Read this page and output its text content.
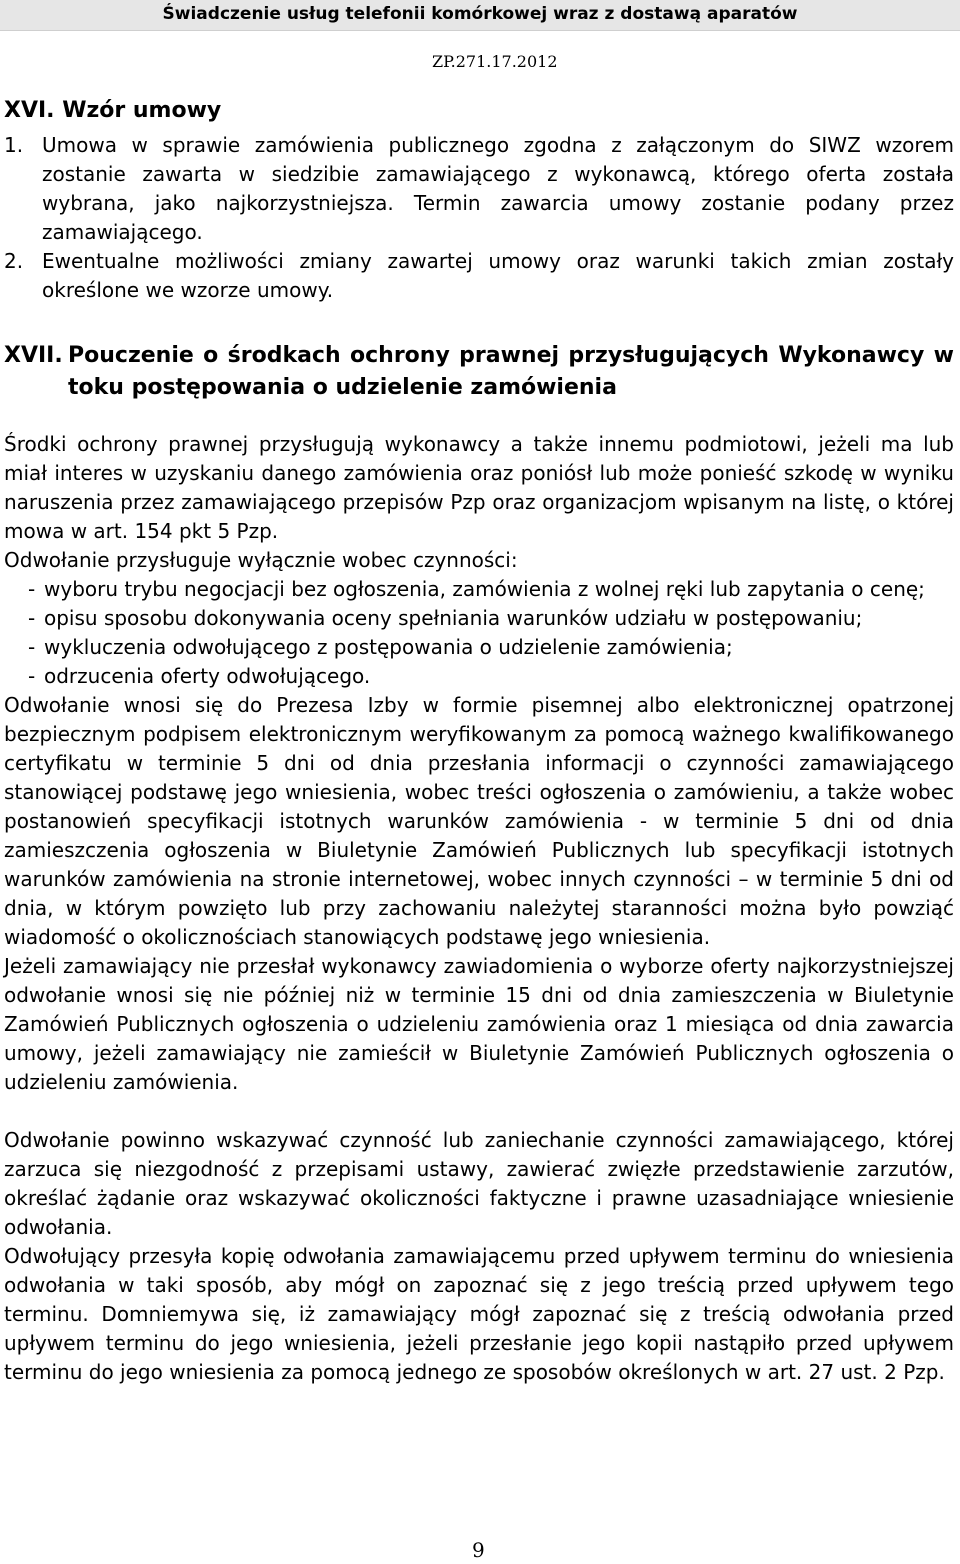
Świadczenie usług telefonii komórkowej wraz z dostawą aparatów
ZP.271.17.2012
XVI. Wzór umowy
1. Umowa w sprawie zamówienia publicznego zgodna z załączonym do SIWZ wzorem zostanie zawarta w siedzibie zamawiającego z wykonawcą, którego oferta została wybrana, jako najkorzystniejsza. Termin zawarcia umowy zostanie podany przez zamawiającego.
2. Ewentualne możliwości zmiany zawartej umowy oraz warunki takich zmian zostały określone we wzorze umowy.
XVII. Pouczenie o środkach ochrony prawnej przysługujących Wykonawcy w toku postępowania o udzielenie zamówienia

Środki ochrony prawnej przysługują wykonawcy a także innemu podmiotowi, jeżeli ma lub miał interes w uzyskaniu danego zamówienia oraz poniósł lub może ponieść szkodę w wyniku naruszenia przez zamawiającego przepisów Pzp oraz organizacjom wpisanym na listę, o której mowa w art. 154 pkt 5 Pzp.

Odwołanie przysługuje wyłącznie wobec czynności:

- wyboru trybu negocjacji bez ogłoszenia, zamówienia z wolnej ręki lub zapytania o cenę;
- opisu sposobu dokonywania oceny spełniania warunków udziału w postępowaniu;
- wykluczenia odwołującego z postępowania o udzielenie zamówienia;
- odrzucenia oferty odwołującego.

Odwołanie wnosi się do Prezesa Izby w formie pisemnej albo elektronicznej opatrzonej bezpiecznym podpisem elektronicznym weryfikowanym za pomocą ważnego kwalifikowanego certyfikatu w terminie 5 dni od dnia przesłania informacji o czynności zamawiającego stanowiącej podstawę jego wniesienia, wobec treści ogłoszenia o zamówieniu, a także wobec postanowień specyfikacji istotnych warunków zamówienia - w terminie 5 dni od dnia zamieszczenia ogłoszenia w Biuletynie Zamówień Publicznych lub specyfikacji istotnych warunków zamówienia na stronie internetowej, wobec innych czynności – w terminie 5 dni od dnia, w którym powzięto lub przy zachowaniu należytej staranności można było powziąć wiadomość o okolicznościach stanowiących podstawę jego wniesienia.

Jeżeli zamawiający nie przesłał wykonawcy zawiadomienia o wyborze oferty najkorzystniejszej odwołanie wnosi się nie później niż w terminie 15 dni od dnia zamieszczenia w Biuletynie Zamówień Publicznych ogłoszenia o udzieleniu zamówienia oraz 1 miesiąca od dnia zawarcia umowy, jeżeli zamawiający nie zamieścił w Biuletynie Zamówień Publicznych ogłoszenia o udzieleniu zamówienia.

Odwołanie powinno wskazywać czynność lub zaniechanie czynności zamawiającego, której zarzuca się niezgodność z przepisami ustawy, zawierać zwięzłe przedstawienie zarzutów, określać żądanie oraz wskazywać okoliczności faktyczne i prawne uzasadniające wniesienie odwołania.

Odwołujący przesyła kopię odwołania zamawiającemu przed upływem terminu do wniesienia odwołania w taki sposób, aby mógł on zapoznać się z jego treścią przed upływem tego terminu. Domniemywa się, iż zamawiający mógł zapoznać się z treścią odwołania przed upływem terminu do jego wniesienia, jeżeli przesłanie jego kopii nastąpiło przed upływem terminu do jego wniesienia za pomocą jednego ze sposobów określonych w art. 27 ust. 2 Pzp.

9
